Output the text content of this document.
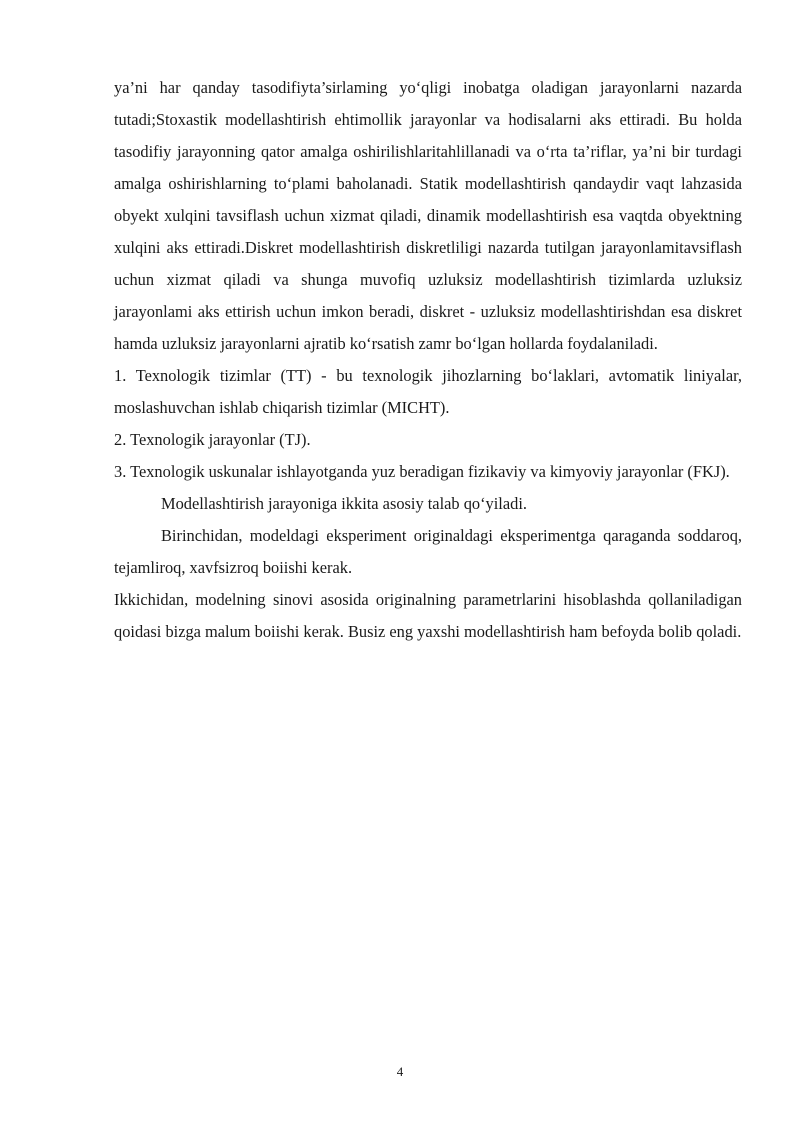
ya’ni har qanday tasodifiyta’sirlaming yo‘qligi inobatga oladigan jarayonlarni nazarda tutadi;Stoxastik modellashtirish ehtimollik jarayonlar va hodisalarni aks ettiradi. Bu holda tasodifiy jarayonning qator amalga oshirilishlaritahlillanadi va o‘rta ta’riflar, ya’ni bir turdagi amalga oshirishlarning to‘plami baholanadi. Statik modellashtirish qandaydir vaqt lahzasida obyekt xulqini tavsiflash uchun xizmat qiladi, dinamik modellashtirish esa vaqtda obyektning xulqini aks ettiradi.Diskret modellashtirish diskretliligi nazarda tutilgan jarayonlamitavsiflash uchun xizmat qiladi va shunga muvofiq uzluksiz modellashtirish tizimlarda uzluksiz jarayonlami aks ettirish uchun imkon beradi, diskret - uzluksiz modellashtirishdan esa diskret hamda uzluksiz jarayonlarni ajratib ko‘rsatish zamr bo‘lgan hollarda foydalaniladi.

1. Texnologik tizimlar (TT) - bu texnologik jihozlarning bo‘laklari, avtomatik liniyalar, moslashuvchan ishlab chiqarish tizimlar (MICHT).

2. Texnologik jarayonlar (TJ).

3. Texnologik uskunalar ishlayotganda yuz beradigan fizikaviy va kimyoviy jarayonlar (FKJ).

Modellashtirish jarayoniga ikkita asosiy talab qo‘yiladi.

Birinchidan, modeldagi eksperiment originaldagi eksperimentga qaraganda soddaroq, tejamliroq, xavfsizroq boiishi kerak.

Ikkichidan, modelning sinovi asosida originalning parametrlarini hisoblashda qollaniladigan qoidasi bizga malum boiishi kerak. Busiz eng yaxshi modellashtirish ham befoyda bolib qoladi.

4
